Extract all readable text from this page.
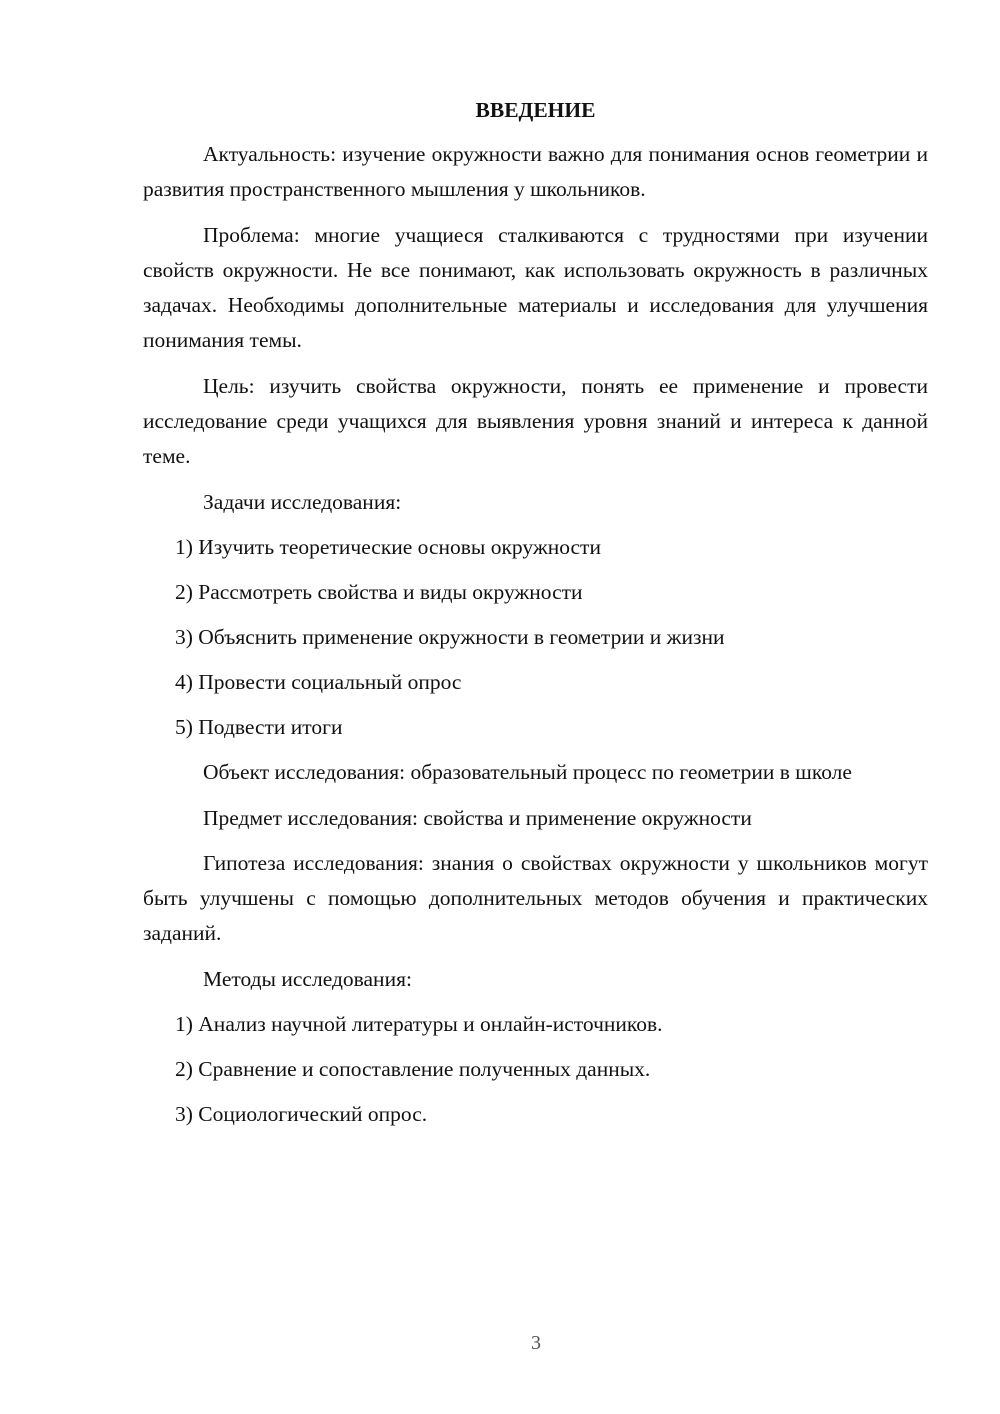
ВВЕДЕНИЕ

Актуальность: изучение окружности важно для понимания основ геометрии и развития пространственного мышления у школьников.

Проблема: многие учащиеся сталкиваются с трудностями при изучении свойств окружности. Не все понимают, как использовать окружность в различных задачах. Необходимы дополнительные материалы и исследования для улучшения понимания темы.

Цель: изучить свойства окружности, понять ее применение и провести исследование среди учащихся для выявления уровня знаний и интереса к данной теме.

Задачи исследования:

1) Изучить теоретические основы окружности
2) Рассмотреть свойства и виды окружности
3) Объяснить применение окружности в геометрии и жизни
4) Провести социальный опрос
5) Подвести итоги

Объект исследования: образовательный процесс по геометрии в школе

Предмет исследования: свойства и применение окружности

Гипотеза исследования: знания о свойствах окружности у школьников могут быть улучшены с помощью дополнительных методов обучения и практических заданий.

Методы исследования:

1) Анализ научной литературы и онлайн-источников.
2) Сравнение и сопоставление полученных данных.
3) Социологический опрос.
3
